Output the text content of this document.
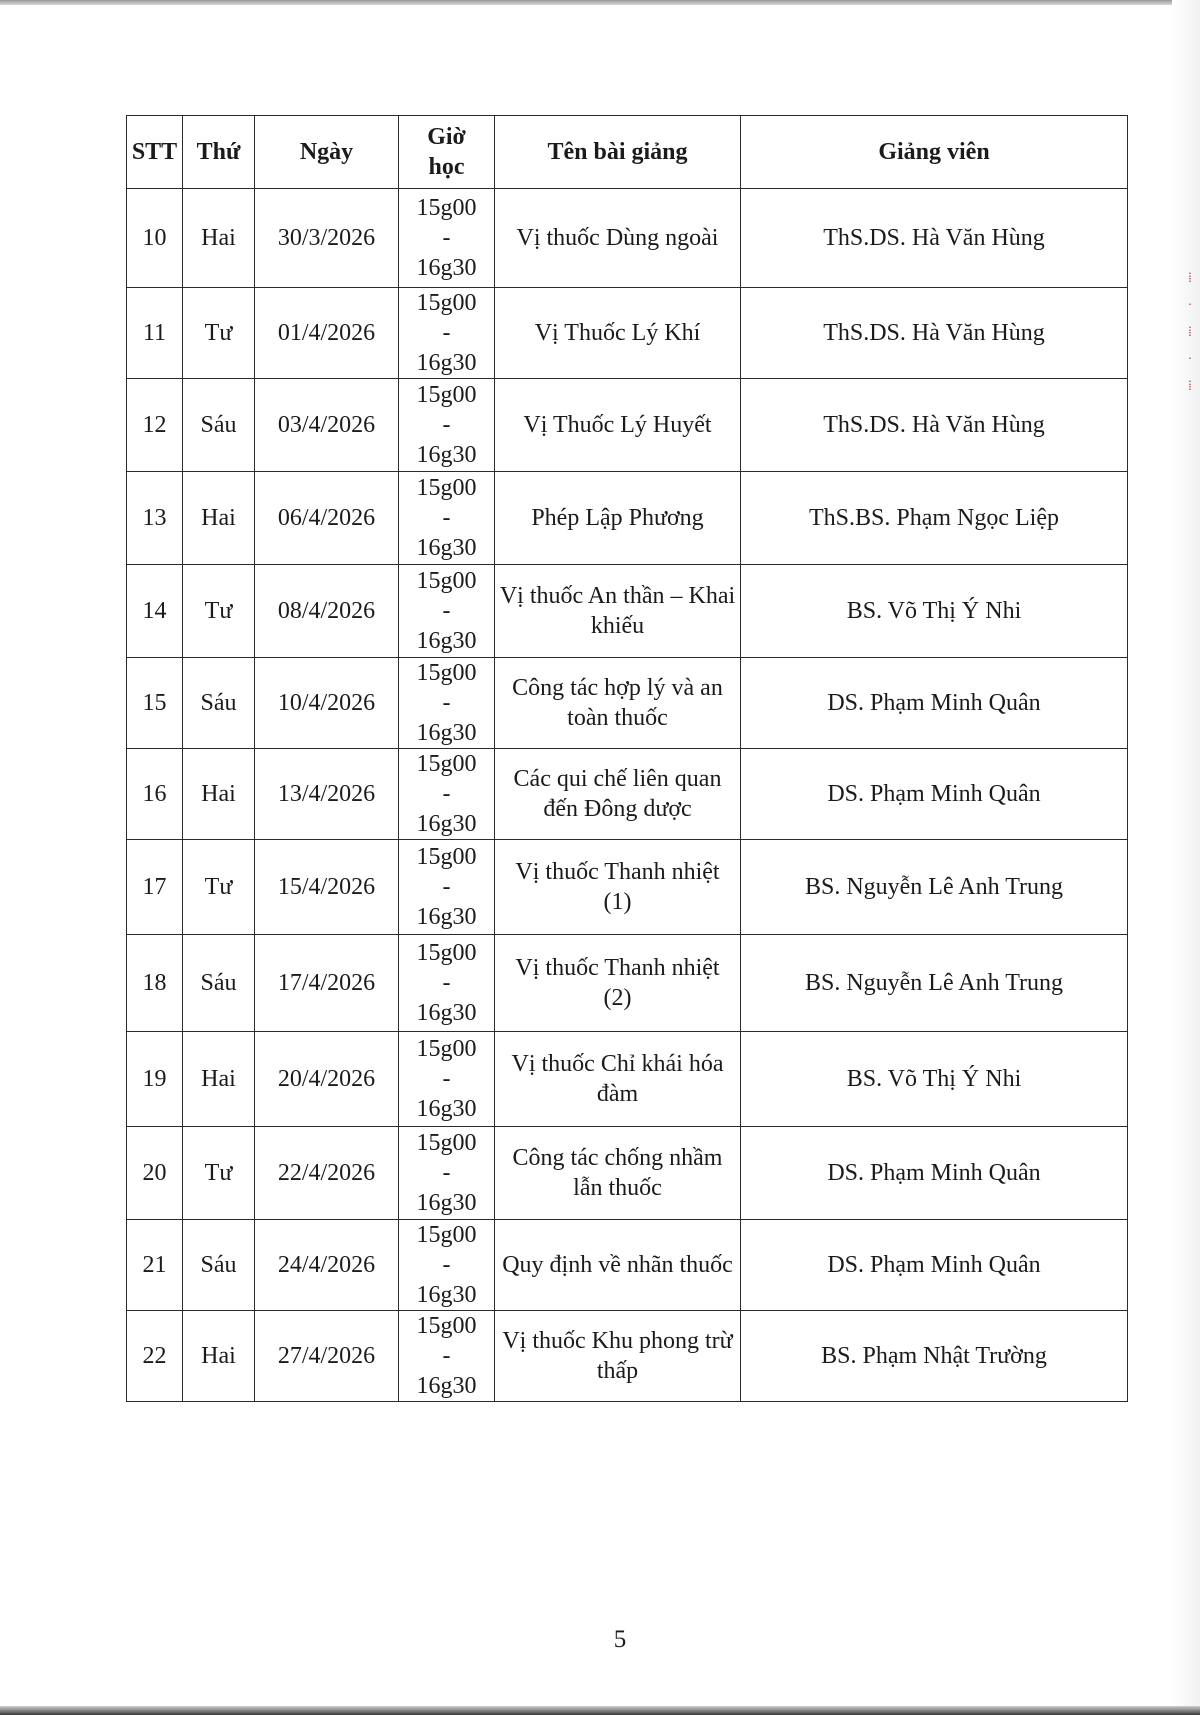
⁞
·
⁞
·
⁞
STT	Thứ	Ngày	Giờ
học	Tên bài giảng	Giảng viên
10	Hai	30/3/2026	15g00
-
16g30	Vị thuốc Dùng ngoài	ThS.DS. Hà Văn Hùng
11	Tư	01/4/2026	15g00
-
16g30	Vị Thuốc Lý Khí	ThS.DS. Hà Văn Hùng
12	Sáu	03/4/2026	15g00
-
16g30	Vị Thuốc Lý Huyết	ThS.DS. Hà Văn Hùng
13	Hai	06/4/2026	15g00
-
16g30	Phép Lập Phương	ThS.BS. Phạm Ngọc Liệp
14	Tư	08/4/2026	15g00
-
16g30	Vị thuốc An thần – Khai khiếu	BS. Võ Thị Ý Nhi
15	Sáu	10/4/2026	15g00
-
16g30	Công tác hợp lý và an toàn thuốc	DS. Phạm Minh Quân
16	Hai	13/4/2026	15g00
-
16g30	Các qui chế liên quan đến Đông dược	DS. Phạm Minh Quân
17	Tư	15/4/2026	15g00
-
16g30	Vị thuốc Thanh nhiệt (1)	BS. Nguyễn Lê Anh Trung
18	Sáu	17/4/2026	15g00
-
16g30	Vị thuốc Thanh nhiệt (2)	BS. Nguyễn Lê Anh Trung
19	Hai	20/4/2026	15g00
-
16g30	Vị thuốc Chỉ khái hóa đàm	BS. Võ Thị Ý Nhi
20	Tư	22/4/2026	15g00
-
16g30	Công tác chống nhầm lẫn thuốc	DS. Phạm Minh Quân
21	Sáu	24/4/2026	15g00
-
16g30	Quy định về nhãn thuốc	DS. Phạm Minh Quân
22	Hai	27/4/2026	15g00
-
16g30	Vị thuốc Khu phong trừ thấp	BS. Phạm Nhật Trường
5
